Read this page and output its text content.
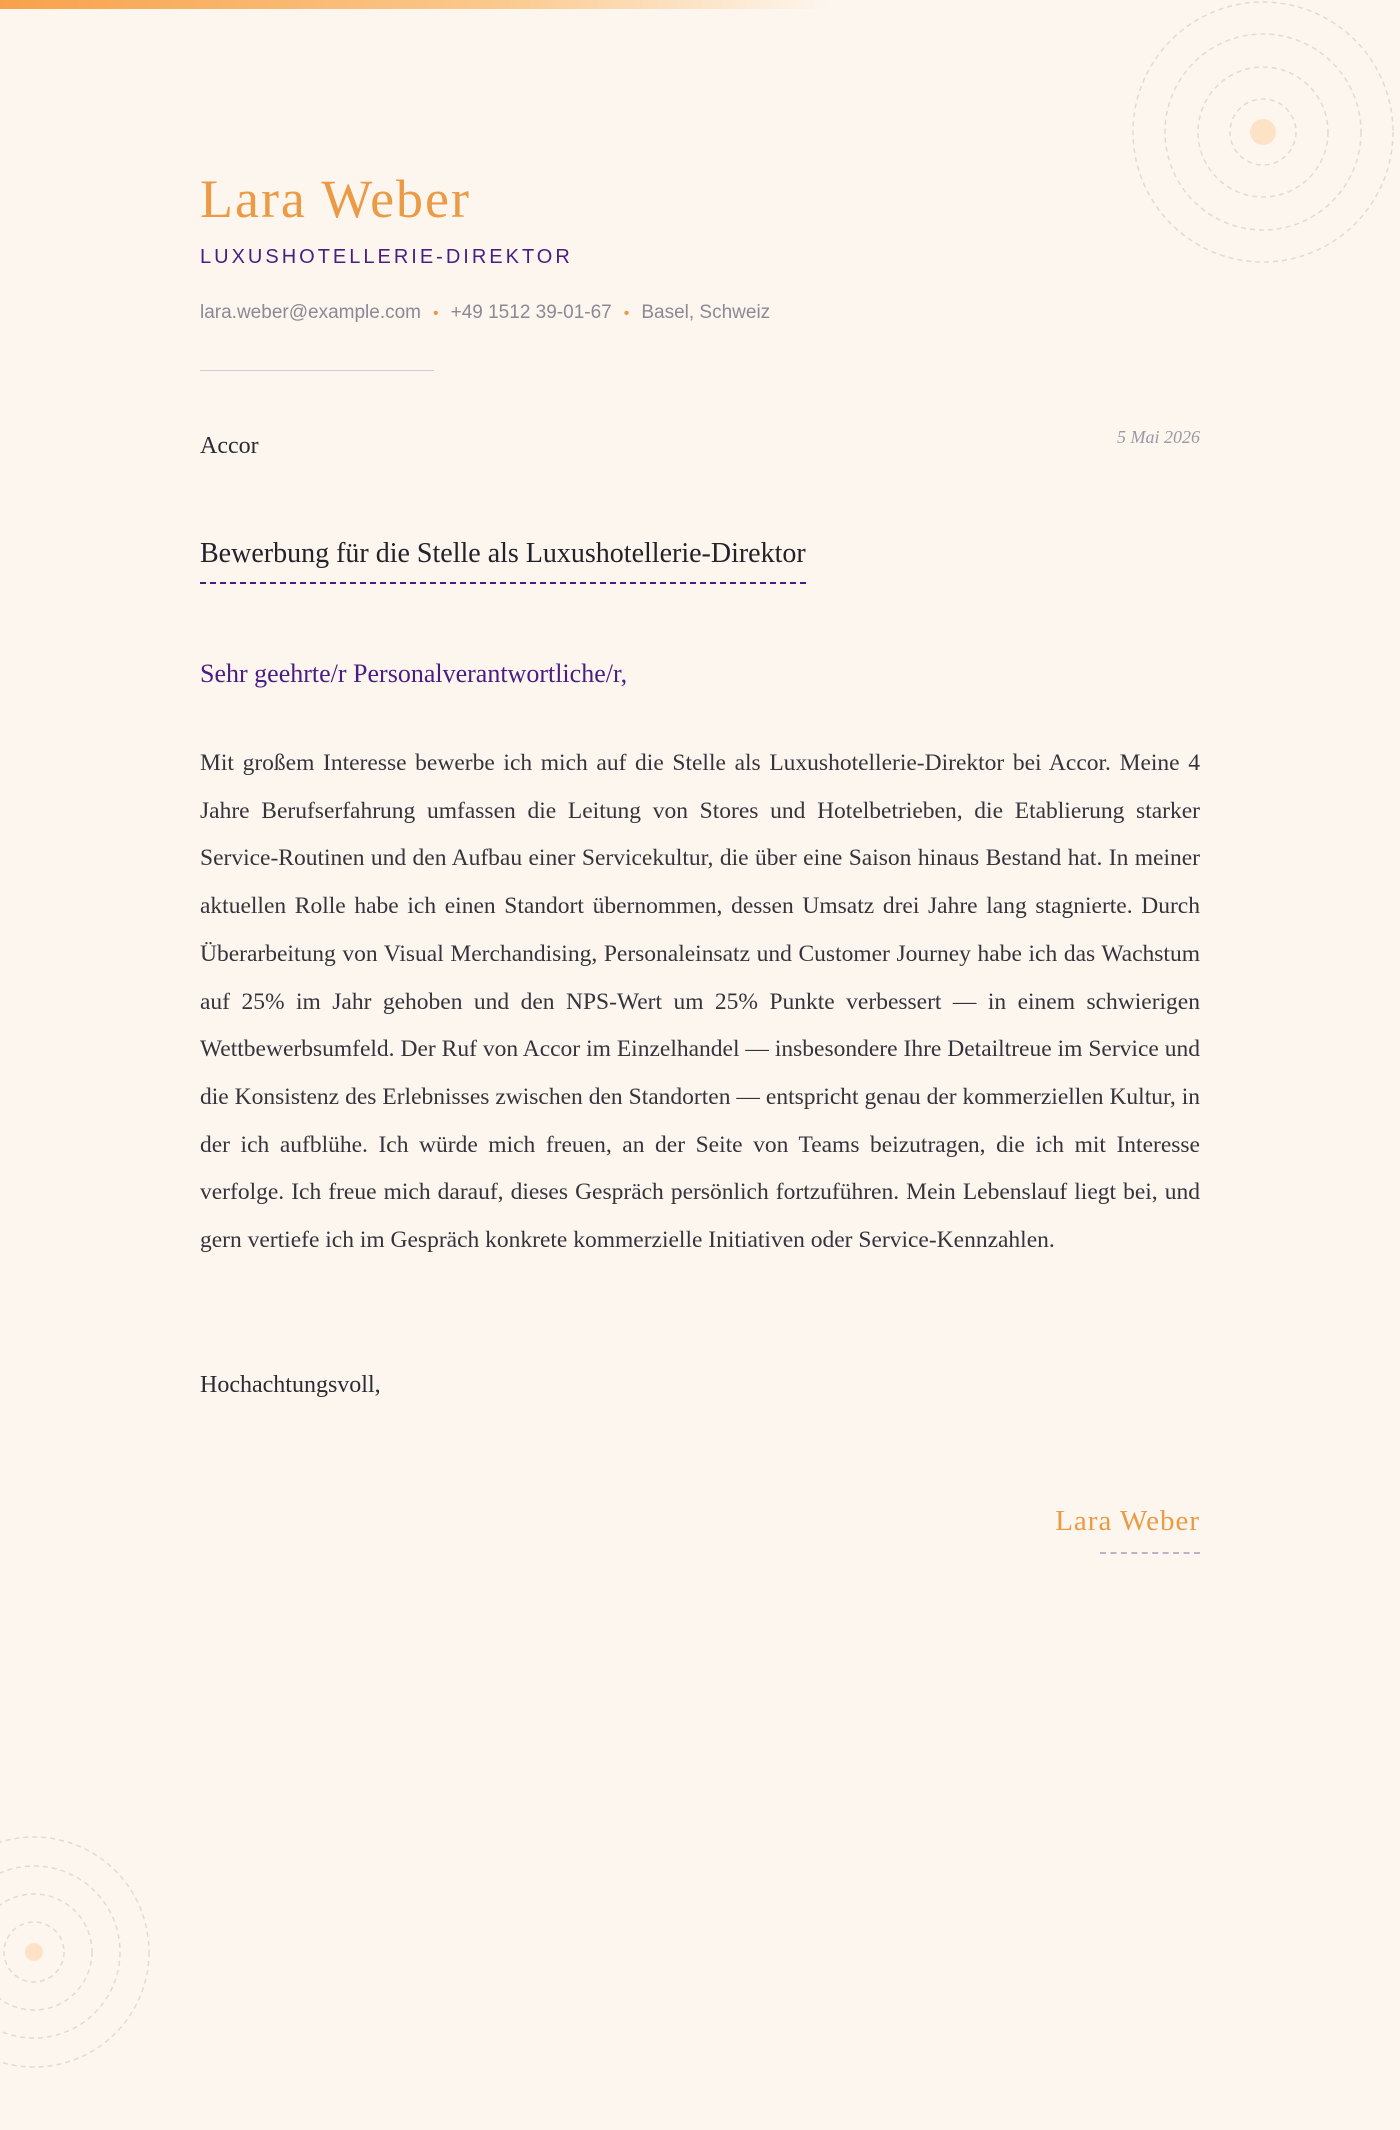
Lara Weber
LUXUSHOTELLERIE-DIREKTOR
lara.weber@example.com • +49 1512 39-01-67 • Basel, Schweiz
Accor	5 Mai 2026
Bewerbung für die Stelle als Luxushotellerie-Direktor
Sehr geehrte/r Personalverantwortliche/r,

Mit großem Interesse bewerbe ich mich auf die Stelle als Luxushotellerie-Direktor bei Accor. Meine 4 Jahre Berufserfahrung umfassen die Leitung von Stores und Hotelbetrieben, die Etablierung starker Service-Routinen und den Aufbau einer Servicekultur, die über eine Saison hinaus Bestand hat. In meiner aktuellen Rolle habe ich einen Standort übernommen, dessen Umsatz drei Jahre lang stagnierte. Durch Überarbeitung von Visual Merchandising, Personaleinsatz und Customer Journey habe ich das Wachstum auf 25% im Jahr gehoben und den NPS-Wert um 25% Punkte verbessert — in einem schwierigen Wettbewerbsumfeld. Der Ruf von Accor im Einzelhandel — insbesondere Ihre Detailtreue im Service und die Konsistenz des Erlebnisses zwischen den Standorten — entspricht genau der kommerziellen Kultur, in der ich aufblühe. Ich würde mich freuen, an der Seite von Teams beizutragen, die ich mit Interesse verfolge. Ich freue mich darauf, dieses Gespräch persönlich fortzuführen. Mein Lebenslauf liegt bei, und gern vertiefe ich im Gespräch konkrete kommerzielle Initiativen oder Service-Kennzahlen.

Hochachtungsvoll,
Lara Weber
